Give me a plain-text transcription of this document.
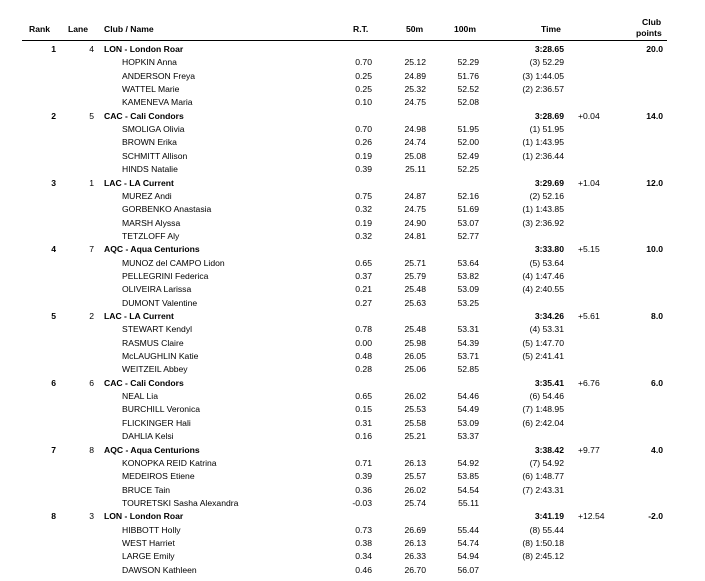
Rank Lane Club / Name	R.T.	50m	100m	Time
Club
points
1	4 LON - London Roar	3:28.65	20.0
HOPKIN Anna	0.70	25.12	52.29	(3) 52.29
ANDERSON Freya	0.25	24.89	51.76	(3) 1:44.05
WATTEL Marie	0.25	25.32	52.52	(2) 2:36.57
KAMENEVA Maria	0.10	24.75	52.08
2	5 CAC - Cali Condors	3:28.69 +0.04	14.0
SMOLIGA Olivia	0.70	24.98	51.95	(1) 51.95
BROWN Erika	0.26	24.74	52.00	(1) 1:43.95
SCHMITT Allison	0.19	25.08	52.49	(1) 2:36.44
HINDS Natalie	0.39	25.11	52.25
3	1 LAC - LA Current	3:29.69 +1.04	12.0
MUREZ Andi	0.75	24.87	52.16	(2) 52.16
GORBENKO Anastasia	0.32	24.75	51.69	(1) 1:43.85
MARSH Alyssa	0.19	24.90	53.07	(3) 2:36.92
TETZLOFF Aly	0.32	24.81	52.77
4	7 AQC - Aqua Centurions	3:33.80 +5.15	10.0
MUNOZ del CAMPO Lidon	0.65	25.71	53.64	(5) 53.64
PELLEGRINI Federica	0.37	25.79	53.82	(4) 1:47.46
OLIVEIRA Larissa	0.21	25.48	53.09	(4) 2:40.55
DUMONT Valentine	0.27	25.63	53.25
5	2 LAC - LA Current	3:34.26 +5.61	8.0
STEWART Kendyl	0.78	25.48	53.31	(4) 53.31
RASMUS Claire	0.00	25.98	54.39	(5) 1:47.70
McLAUGHLIN Katie	0.48	26.05	53.71	(5) 2:41.41
WEITZEIL Abbey	0.28	25.06	52.85
6	6 CAC - Cali Condors	3:35.41 +6.76	6.0
NEAL Lia	0.65	26.02	54.46	(6) 54.46
BURCHILL Veronica	0.15	25.53	54.49	(7) 1:48.95
FLICKINGER Hali	0.31	25.58	53.09	(6) 2:42.04
DAHLIA Kelsi	0.16	25.21	53.37
7	8 AQC - Aqua Centurions	3:38.42 +9.77	4.0
KONOPKA REID Katrina	0.71	26.13	54.92	(7) 54.92
MEDEIROS Etiene	0.39	25.57	53.85	(6) 1:48.77
BRUCE Tain	0.36	26.02	54.54	(7) 2:43.31
TOURETSKI Sasha Alexandra	-0.03	25.74	55.11
8	3 LON - London Roar	3:41.19 +12.54	-2.0
HIBBOTT Holly	0.73	26.69	55.44	(8) 55.44
WEST Harriet	0.38	26.13	54.74	(8) 1:50.18
LARGE Emily	0.34	26.33	54.94	(8) 2:45.12
DAWSON Kathleen	0.46	26.70	56.07
